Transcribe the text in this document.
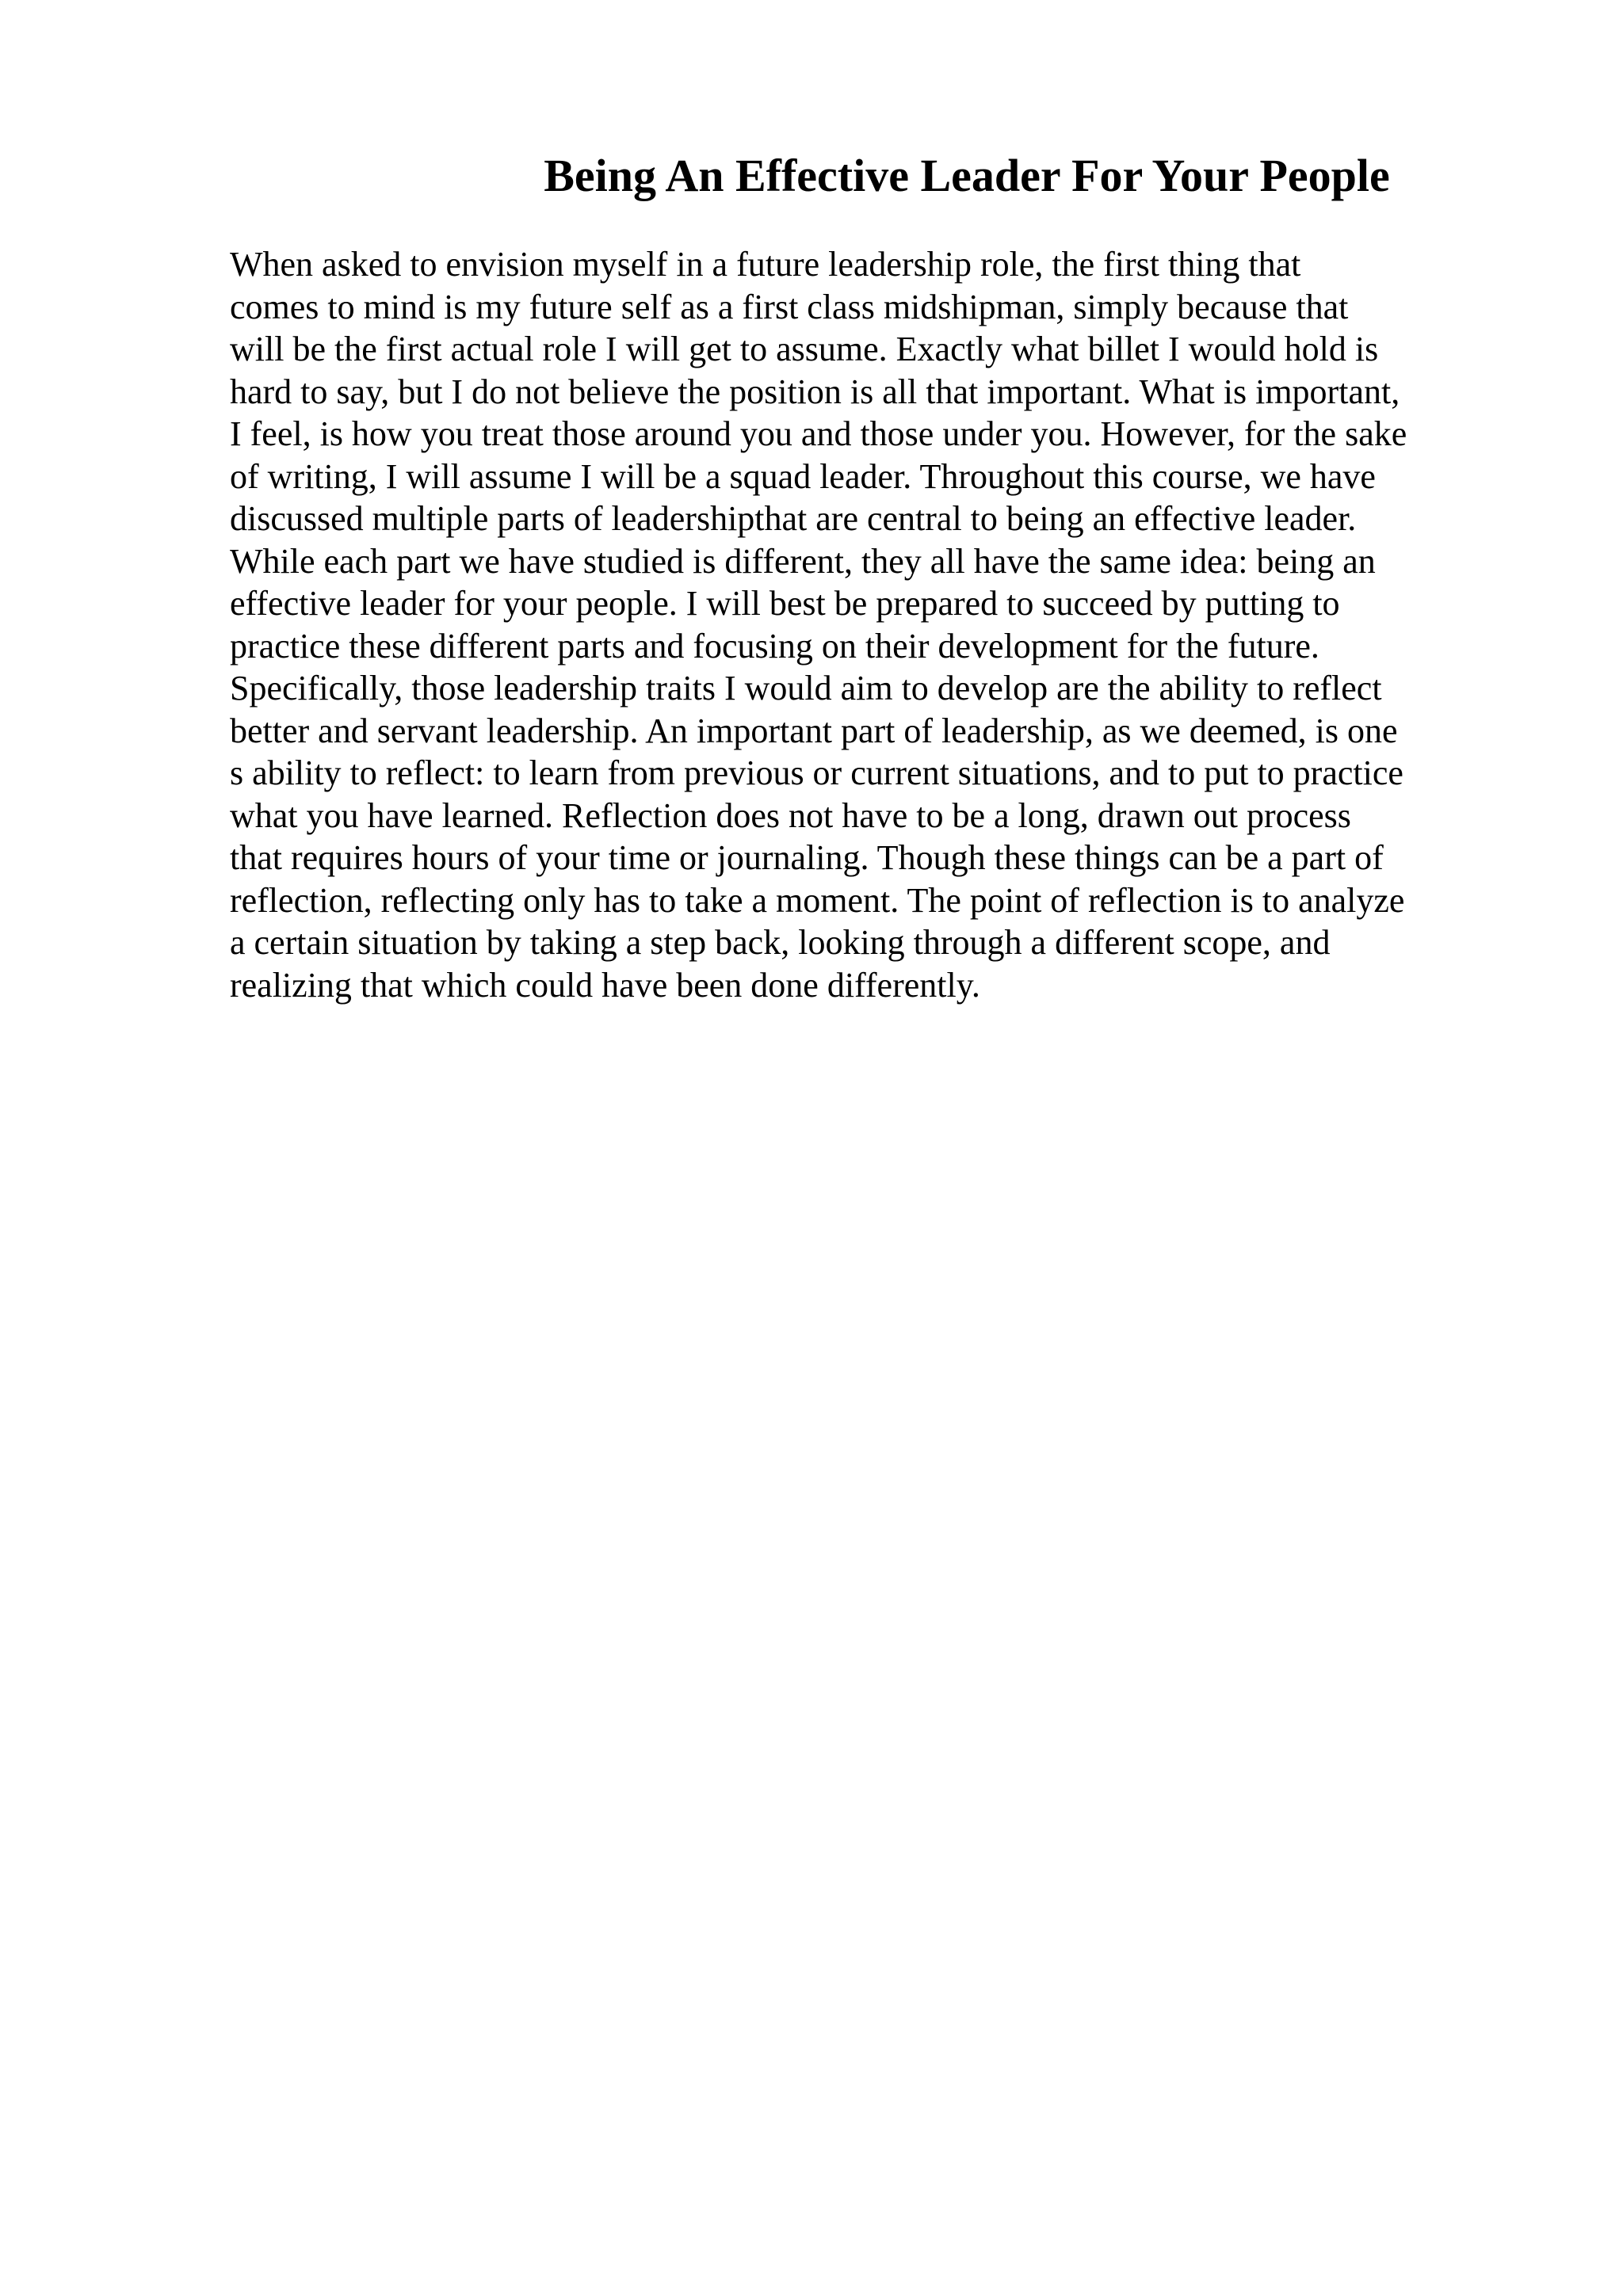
Being An Effective Leader For Your People
When asked to envision myself in a future leadership role, the first thing that
comes to mind is my future self as a first class midshipman, simply because that
will be the first actual role I will get to assume. Exactly what billet I would hold is
hard to say, but I do not believe the position is all that important. What is important,
I feel, is how you treat those around you and those under you. However, for the sake
of writing, I will assume I will be a squad leader. Throughout this course, we have
discussed multiple parts of leadershipthat are central to being an effective leader.
While each part we have studied is different, they all have the same idea: being an
effective leader for your people. I will best be prepared to succeed by putting to
practice these different parts and focusing on their development for the future.
Specifically, those leadership traits I would aim to develop are the ability to reflect
better and servant leadership. An important part of leadership, as we deemed, is one
s ability to reflect: to learn from previous or current situations, and to put to practice
what you have learned. Reflection does not have to be a long, drawn out process
that requires hours of your time or journaling. Though these things can be a part of
reflection, reflecting only has to take a moment. The point of reflection is to analyze
a certain situation by taking a step back, looking through a different scope, and
realizing that which could have been done differently.
